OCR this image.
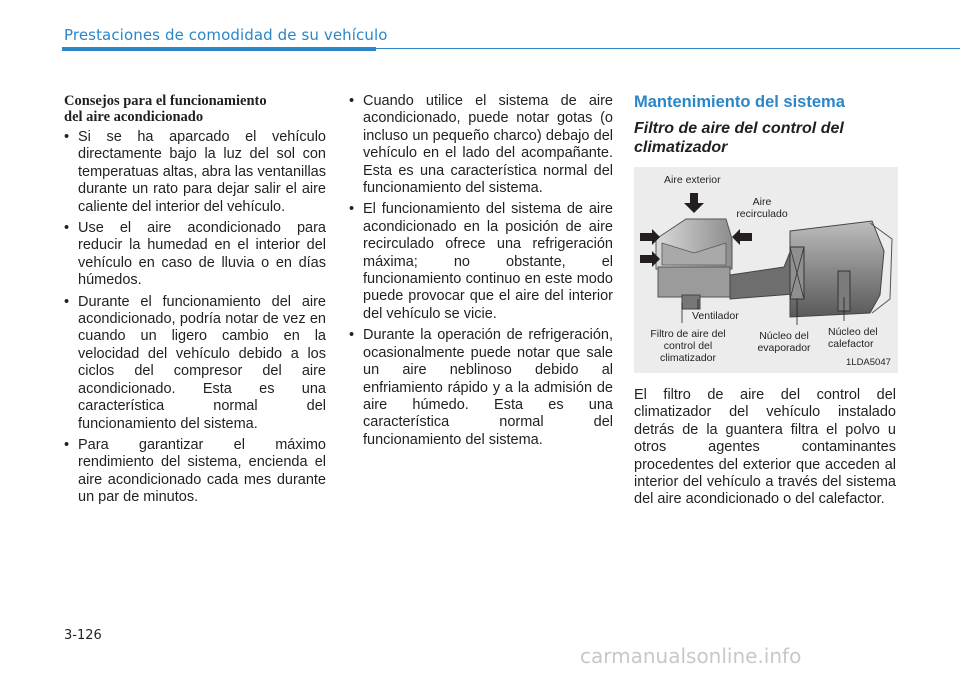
Prestaciones de comodidad de su vehículo
Consejos para el funcionamiento
del aire acondicionado
• Si se ha aparcado el vehículo directamente bajo la luz del sol con temperatuas altas, abra las ventanillas durante un rato para dejar salir el aire caliente del interior del vehículo.
• Use el aire acondicionado para reducir la humedad en el interior del vehículo en caso de lluvia o en días húmedos.
• Durante el funcionamiento del aire acondicionado, podría notar de vez en cuando un ligero cambio en la velocidad del vehículo debido a los ciclos del compresor del aire acondicionado. Esta es una característica normal del funcionamiento del sistema.
• Para garantizar el máximo rendimiento del sistema, encienda el aire acondicionado cada mes durante un par de minutos.
• Cuando utilice el sistema de aire acondicionado, puede notar gotas (o incluso un pequeño charco) debajo del vehículo en el lado del acompañante. Esta es una característica normal del funcionamiento del sistema.
• El funcionamiento del sistema de aire acondicionado en la posición de aire recirculado ofrece una refrigeración máxima; no obstante, el funcionamiento continuo en este modo puede provocar que el aire del interior del vehículo se vicie.
• Durante la operación de refrigeración, ocasionalmente puede notar que sale un aire neblinoso debido al enfriamiento rápido y a la admisión de aire húmedo. Esta es una característica normal del funcionamiento del sistema.
Mantenimiento del sistema
Filtro de aire del control del
climatizador
Aire exterior
Aire
recirculado
Ventilador
Filtro de aire del
control del
climatizador
Núcleo del
evaporador
Núcleo del
calefactor
1LDA5047

El filtro de aire del control del climatizador del vehículo instalado detrás de la guantera filtra el polvo u otros agentes contaminantes procedentes del exterior que acceden al interior del vehículo a través del sistema del aire acondicionado o del calefactor.

3-126
carmanualsonline.info
